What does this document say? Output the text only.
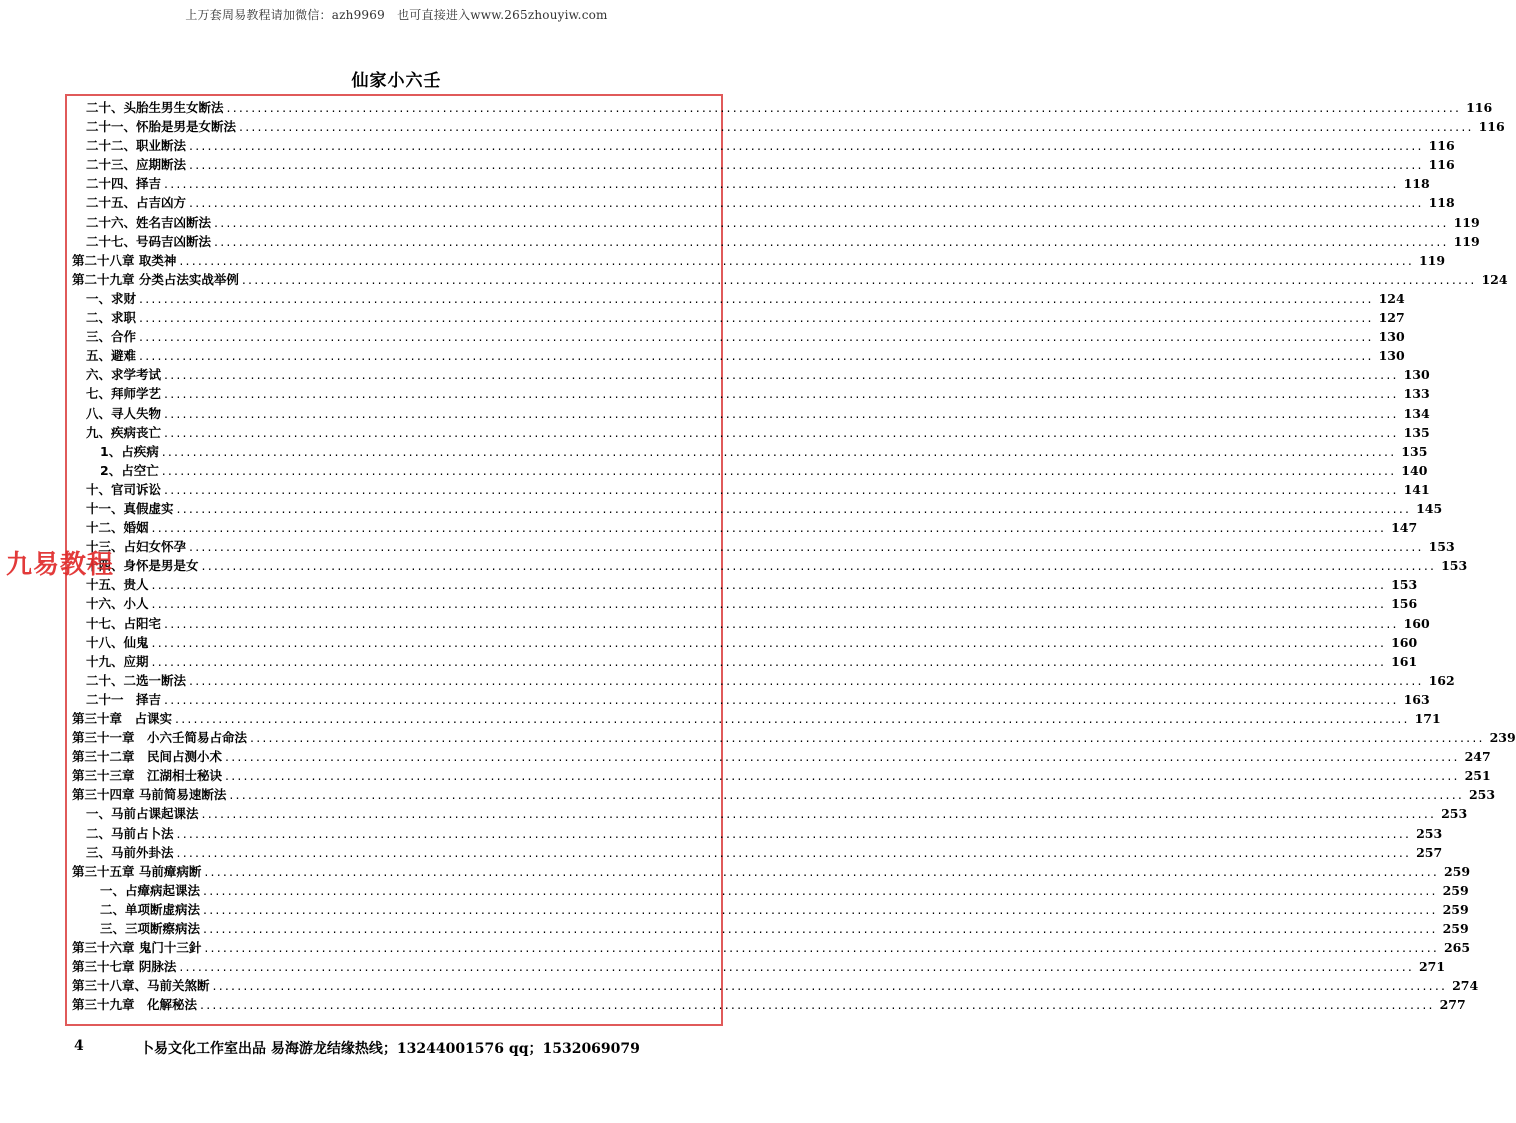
上万套周易教程请加微信：azh9969　也可直接进入www.265zhouyiw.com
仙家小六壬
二十、头胎生男生女断法 ........................................................................................................................................................................................................ 116
二十一、怀胎是男是女断法 ........................................................................................................................................................................................................ 116
二十二、职业断法 ........................................................................................................................................................................................................ 116
二十三、应期断法 ........................................................................................................................................................................................................ 116
二十四、择吉 ........................................................................................................................................................................................................ 118
二十五、占吉凶方 ........................................................................................................................................................................................................ 118
二十六、姓名吉凶断法 ........................................................................................................................................................................................................ 119
二十七、号码吉凶断法 ........................................................................................................................................................................................................ 119
第二十八章 取类神 ........................................................................................................................................................................................................ 119
第二十九章 分类占法实战举例 ........................................................................................................................................................................................................ 124
一、求财 ........................................................................................................................................................................................................ 124
二、求职 ........................................................................................................................................................................................................ 127
三、合作 ........................................................................................................................................................................................................ 130
五、避难 ........................................................................................................................................................................................................ 130
六、求学考试 ........................................................................................................................................................................................................ 130
七、拜师学艺 ........................................................................................................................................................................................................ 133
八、寻人失物 ........................................................................................................................................................................................................ 134
九、疾病丧亡 ........................................................................................................................................................................................................ 135
1、占疾病 ........................................................................................................................................................................................................ 135
2、占空亡 ........................................................................................................................................................................................................ 140
十、官司诉讼 ........................................................................................................................................................................................................ 141
十一、真假虚实 ........................................................................................................................................................................................................ 145
十二、婚姻 ........................................................................................................................................................................................................ 147
十三、占妇女怀孕 ........................................................................................................................................................................................................ 153
十四、身怀是男是女 ........................................................................................................................................................................................................ 153
十五、贵人 ........................................................................................................................................................................................................ 153
十六、小人 ........................................................................................................................................................................................................ 156
十七、占阳宅 ........................................................................................................................................................................................................ 160
十八、仙鬼 ........................................................................................................................................................................................................ 160
十九、应期 ........................................................................................................................................................................................................ 161
二十、二选一断法 ........................................................................................................................................................................................................ 162
二十一　择吉 ........................................................................................................................................................................................................ 163
第三十章　占课实 ........................................................................................................................................................................................................ 171
第三十一章　小六壬简易占命法 ........................................................................................................................................................................................................ 239
第三十二章　民间占测小术 ........................................................................................................................................................................................................ 247
第三十三章　江湖相士秘诀 ........................................................................................................................................................................................................ 251
第三十四章 马前简易速断法 ........................................................................................................................................................................................................ 253
一、马前占课起课法 ........................................................................................................................................................................................................ 253
二、马前占卜法 ........................................................................................................................................................................................................ 253
三、马前外卦法 ........................................................................................................................................................................................................ 257
第三十五章 马前瘴病断 ........................................................................................................................................................................................................ 259
一、占瘴病起课法 ........................................................................................................................................................................................................ 259
二、单项断虚病法 ........................................................................................................................................................................................................ 259
三、三项断瘵病法 ........................................................................................................................................................................................................ 259
第三十六章 鬼门十三針 ........................................................................................................................................................................................................ 265
第三十七章 阴脉法 ........................................................................................................................................................................................................ 271
第三十八章、马前关煞断 ........................................................................................................................................................................................................ 274
第三十九章　化解秘法 ........................................................................................................................................................................................................ 277
九易教程
4	卜易文化工作室出品 易海游龙结缘热线；13244001576 qq；1532069079
